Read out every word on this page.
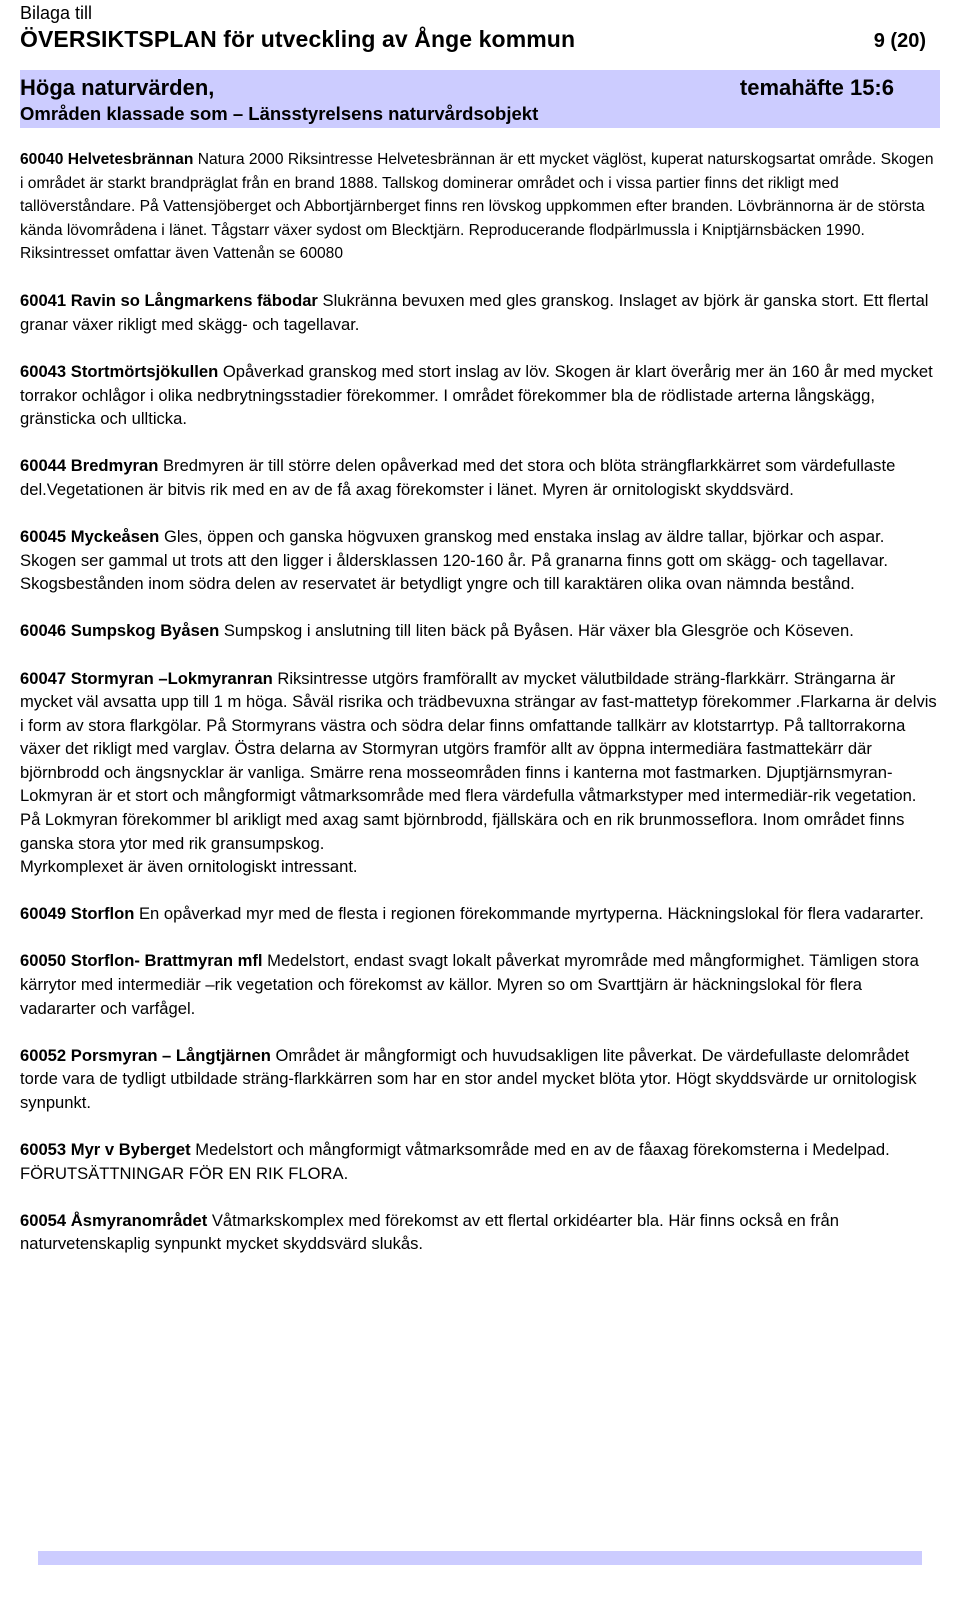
Bilaga till
ÖVERSIKTSPLAN för utveckling av Ånge kommun	9 (20)
Höga naturvärden,	temahäfte 15:6
Områden klassade som – Länsstyrelsens naturvårdsobjekt

60040 Helvetesbrännan Natura 2000 Riksintresse Helvetesbrännan är ett mycket väglöst, kuperat naturskogsartat område. Skogen i området är starkt brandpräglat från en brand 1888. Tallskog dominerar området och i vissa partier finns det rikligt med tallöverståndare. På Vattensjöberget och Abbortjärnberget finns ren lövskog uppkommen efter branden. Lövbrännorna är de största kända lövområdena i länet. Tågstarr växer sydost om Blecktjärn. Reproducerande flodpärlmussla i Kniptjärnsbäcken 1990. Riksintresset omfattar även Vattenån se 60080

60041 Ravin so Långmarkens fäbodar Slukränna bevuxen med gles granskog. Inslaget av björk är ganska stort. Ett flertal granar växer rikligt med skägg- och tagellavar.

60043 Stortmörtsjökullen Opåverkad granskog med stort inslag av löv. Skogen är klart överårig mer än 160 år med mycket torrakor ochlågor i olika nedbrytningsstadier förekommer. I området förekommer bla de rödlistade arterna långskägg, gränsticka och ullticka.

60044 Bredmyran Bredmyren är till större delen opåverkad med det stora och blöta strängflarkkärret som värdefullaste del.Vegetationen är bitvis rik med en av de få axag förekomster i länet. Myren är ornitologiskt skyddsvärd.

60045 Myckeåsen Gles, öppen och ganska högvuxen granskog med enstaka inslag av äldre tallar, björkar och aspar. Skogen ser gammal ut trots att den ligger i åldersklassen 120-160 år. På granarna finns gott om skägg- och tagellavar. Skogsbestånden inom södra delen av reservatet är betydligt yngre och till karaktären olika ovan nämnda bestånd.

60046 Sumpskog Byåsen Sumpskog i anslutning till liten bäck på Byåsen. Här växer bla Glesgröe och Köseven.

60047 Stormyran –Lokmyranran Riksintresse utgörs framförallt av mycket välutbildade sträng-flarkkärr. Strängarna är mycket väl avsatta upp till 1 m höga. Såväl risrika och trädbevuxna strängar av fast-mattetyp förekommer .Flarkarna är delvis i form av stora flarkgölar. På Stormyrans västra och södra delar finns omfattande tallkärr av klotstarrtyp. På talltorrakorna växer det rikligt med varglav. Östra delarna av Stormyran utgörs framför allt av öppna intermediära fastmattekärr där björnbrodd och ängsnycklar är vanliga. Smärre rena mosseområden finns i kanterna mot fastmarken. Djuptjärnsmyran- Lokmyran är et stort och mångformigt våtmarksområde med flera värdefulla våtmarkstyper med intermediär-rik vegetation. På Lokmyran förekommer bl arikligt med axag samt björnbrodd, fjällskära och en rik brunmosseflora. Inom området finns ganska stora ytor med rik gransumpskog.
Myrkomplexet är även ornitologiskt intressant.

60049 Storflon En opåverkad myr med de flesta i regionen förekommande myrtyperna. Häckningslokal för flera vadararter.

60050 Storflon- Brattmyran mfl Medelstort, endast svagt lokalt påverkat myrområde med mångformighet. Tämligen stora kärrytor med intermediär –rik vegetation och förekomst av källor. Myren so om Svarttjärn är häckningslokal för flera vadararter och varfågel.

60052 Porsmyran – Långtjärnen Området är mångformigt och huvudsakligen lite påverkat. De värdefullaste delområdet torde vara de tydligt utbildade sträng-flarkkärren som har en stor andel mycket blöta ytor. Högt skyddsvärde ur ornitologisk synpunkt.

60053 Myr v Byberget Medelstort och mångformigt våtmarksområde med en av de fåaxag förekomsterna i Medelpad. FÖRUTSÄTTNINGAR FÖR EN RIK FLORA.

60054 Åsmyranområdet Våtmarkskomplex med förekomst av ett flertal orkidéarter bla. Här finns också en från naturvetenskaplig synpunkt mycket skyddsvärd slukås.
